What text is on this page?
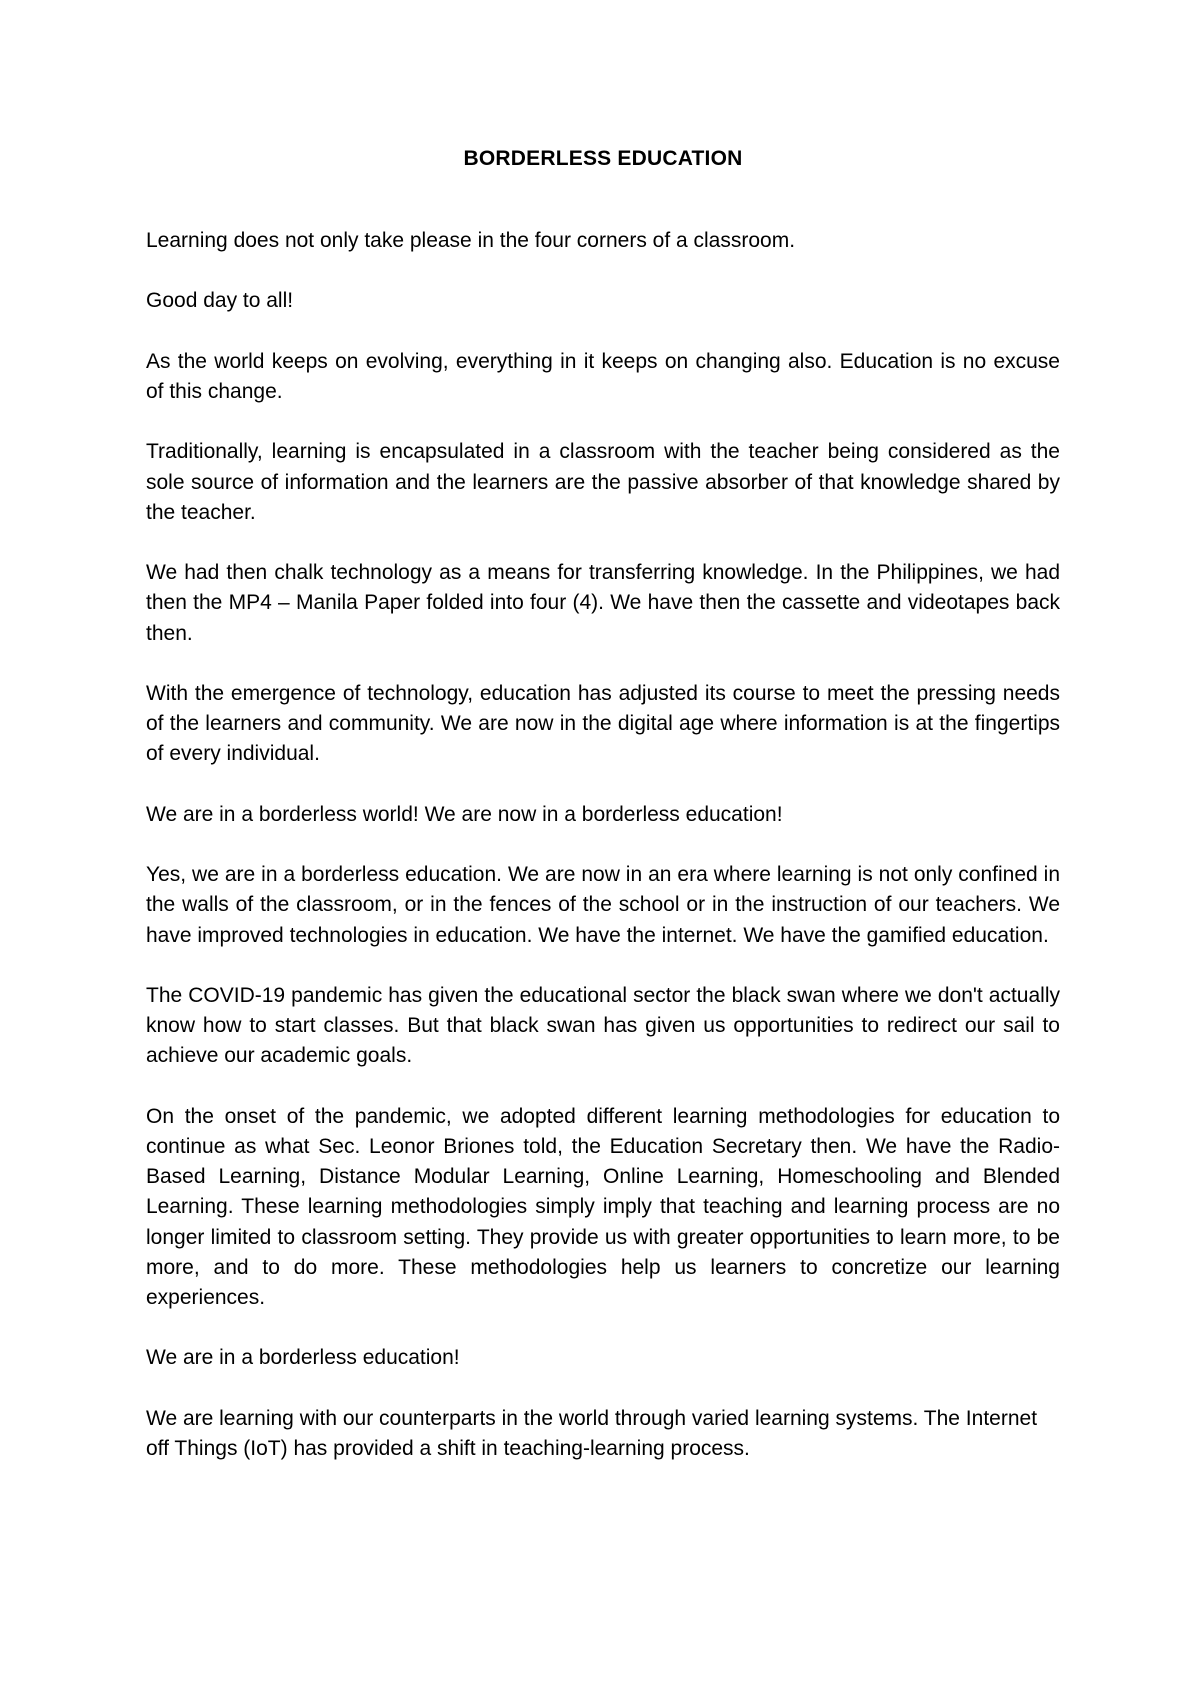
BORDERLESS EDUCATION

Learning does not only take please in the four corners of a classroom.

Good day to all!

As the world keeps on evolving, everything in it keeps on changing also. Education is no excuse of this change.

Traditionally, learning is encapsulated in a classroom with the teacher being considered as the sole source of information and the learners are the passive absorber of that knowledge shared by the teacher.

We had then chalk technology as a means for transferring knowledge. In the Philippines, we had then the MP4 – Manila Paper folded into four (4). We have then the cassette and videotapes back then.

With the emergence of technology, education has adjusted its course to meet the pressing needs of the learners and community. We are now in the digital age where information is at the fingertips of every individual.

We are in a borderless world! We are now in a borderless education!

Yes, we are in a borderless education. We are now in an era where learning is not only confined in the walls of the classroom, or in the fences of the school or in the instruction of our teachers. We have improved technologies in education. We have the internet. We have the gamified education.

The COVID-19 pandemic has given the educational sector the black swan where we don't actually know how to start classes. But that black swan has given us opportunities to redirect our sail to achieve our academic goals.

On the onset of the pandemic, we adopted different learning methodologies for education to continue as what Sec. Leonor Briones told, the Education Secretary then. We have the Radio-Based Learning, Distance Modular Learning, Online Learning, Homeschooling and Blended Learning. These learning methodologies simply imply that teaching and learning process are no longer limited to classroom setting. They provide us with greater opportunities to learn more, to be more, and to do more. These methodologies help us learners to concretize our learning experiences.

We are in a borderless education!

We are learning with our counterparts in the world through varied learning systems. The Internet off Things (IoT) has provided a shift in teaching-learning process.
